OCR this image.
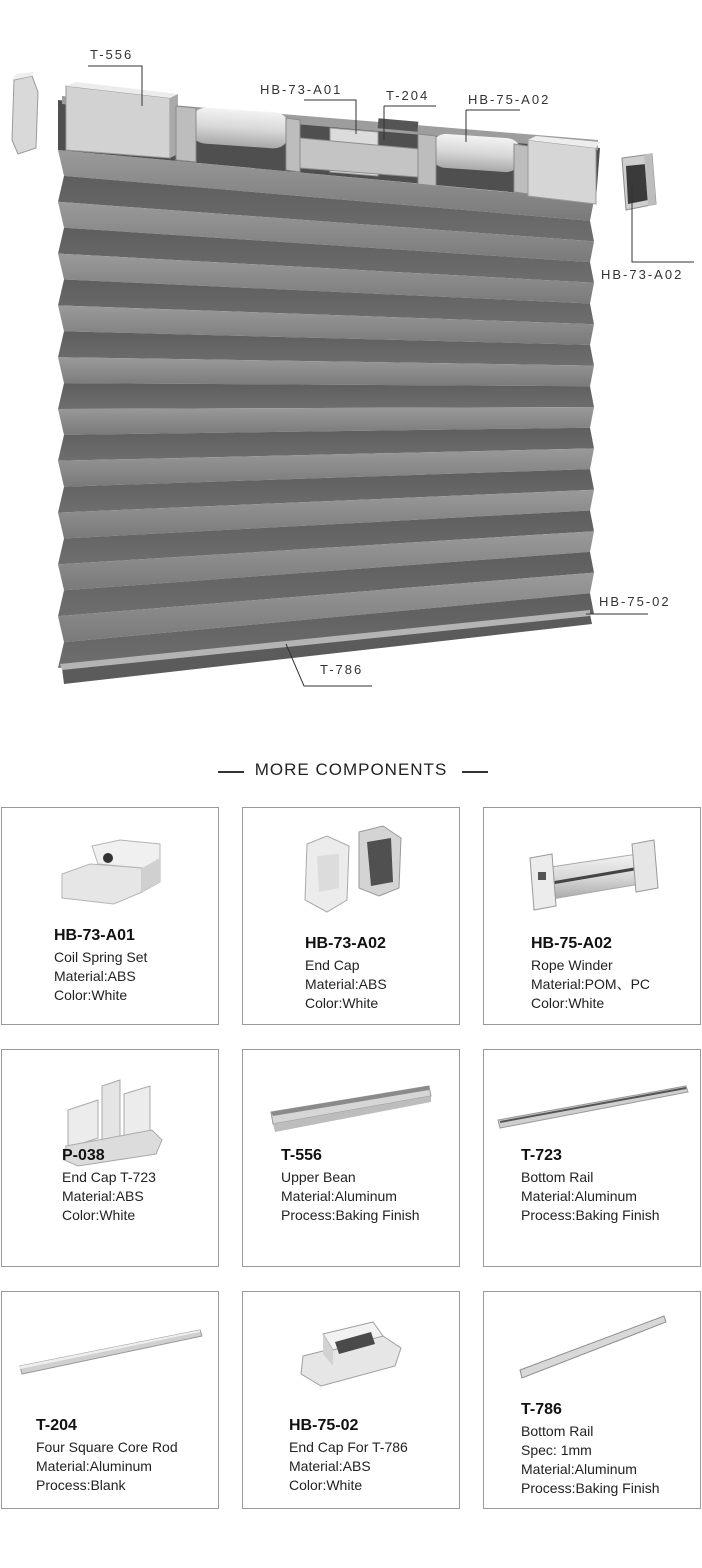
T-556
HB-73-A01	T-204	HB-75-A02
HB-73-A02
HB-75-02
T-786
MORE COMPONENTS
HB-73-A01
Coil Spring Set
Material:ABS
Color:White
HB-73-A02
End Cap
Material:ABS
Color:White
HB-75-A02
Rope Winder
Material:POM、PC
Color:White
P-038
End Cap T-723
Material:ABS
Color:White
T-556
Upper Bean
Material:Aluminum
Process:Baking Finish
T-723
Bottom Rail
Material:Aluminum
Process:Baking Finish
T-204
Four Square Core Rod
Material:Aluminum
Process:Blank
HB-75-02
End Cap For T-786
Material:ABS
Color:White
T-786
Bottom Rail
Spec: 1mm
Material:Aluminum
Process:Baking Finish
